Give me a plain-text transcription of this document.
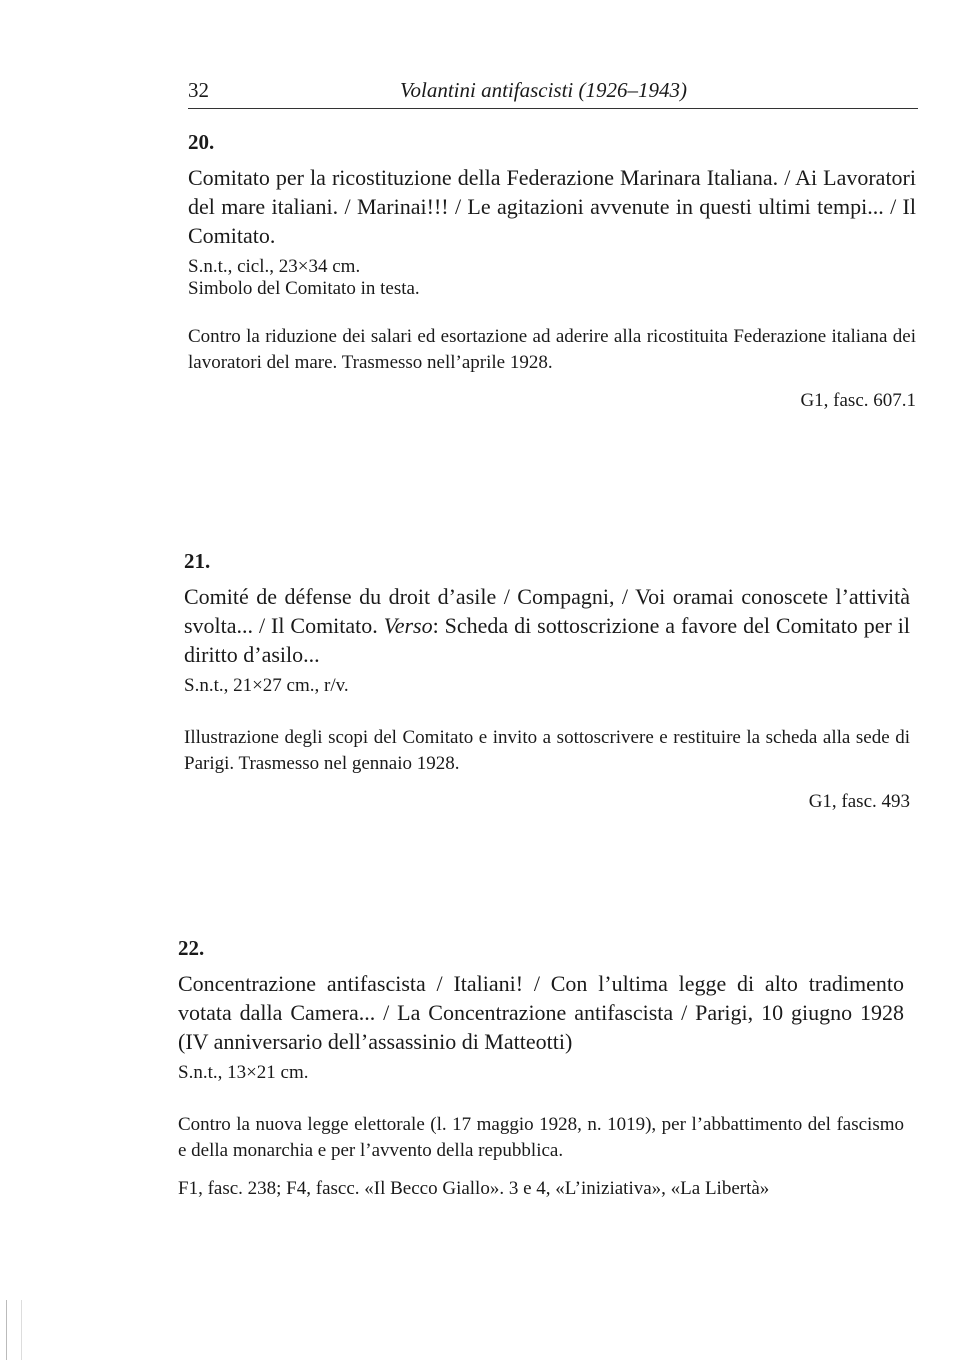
32	Volantini antifascisti (1926–1943)
20.
Comitato per la ricostituzione della Federazione Marinara Italiana. / Ai Lavoratori del mare italiani. / Marinai!!! / Le agitazioni avvenute in questi ultimi tempi... / Il Comitato.
S.n.t., cicl., 23×34 cm.
Simbolo del Comitato in testa.
Contro la riduzione dei salari ed esortazione ad aderire alla ricostituita Federazione italiana dei lavoratori del mare. Trasmesso nell’aprile 1928.
G1, fasc. 607.1
21.
Comité de défense du droit d’asile / Compagni, / Voi oramai conoscete l’attività svolta... / Il Comitato. Verso: Scheda di sottoscrizione a favore del Comitato per il diritto d’asilo...
S.n.t., 21×27 cm., r/v.
Illustrazione degli scopi del Comitato e invito a sottoscrivere e restituire la scheda alla sede di Parigi. Trasmesso nel gennaio 1928.
G1, fasc. 493
22.
Concentrazione antifascista / Italiani! / Con l’ultima legge di alto tradimento votata dalla Camera... / La Concentrazione antifascista / Parigi, 10 giugno 1928 (IV anniversario dell’assassinio di Matteotti)
S.n.t., 13×21 cm.
Contro la nuova legge elettorale (l. 17 maggio 1928, n. 1019), per l’abbattimento del fascismo e della monarchia e per l’avvento della repubblica.
F1, fasc. 238; F4, fascc. «Il Becco Giallo». 3 e 4, «L’iniziativa», «La Libertà»
